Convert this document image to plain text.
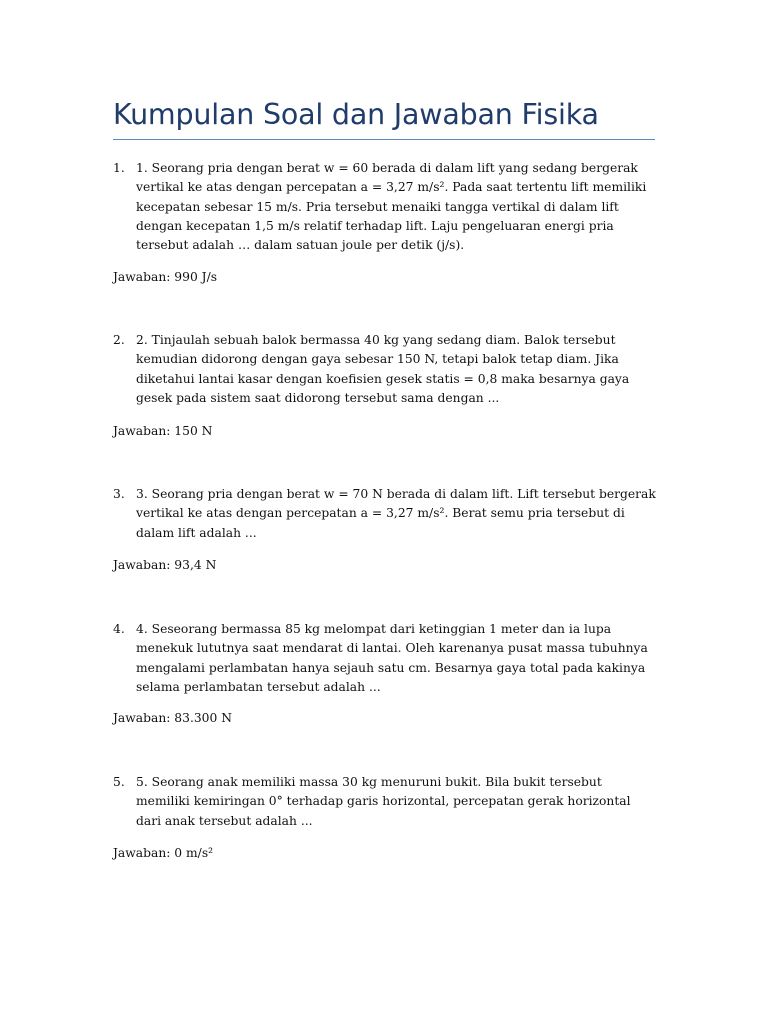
Kumpulan Soal dan Jawaban Fisika
1. 1. Seorang pria dengan berat w = 60 berada di dalam lift yang sedang bergerak vertikal ke atas dengan percepatan a = 3,27 m/s². Pada saat tertentu lift memiliki kecepatan sebesar 15 m/s. Pria tersebut menaiki tangga vertikal di dalam lift dengan kecepatan 1,5 m/s relatif terhadap lift. Laju pengeluaran energi pria tersebut adalah … dalam satuan joule per detik (j/s).
Jawaban: 990 J/s
2. 2. Tinjaulah sebuah balok bermassa 40 kg yang sedang diam. Balok tersebut kemudian didorong dengan gaya sebesar 150 N, tetapi balok tetap diam. Jika diketahui lantai kasar dengan koefisien gesek statis = 0,8 maka besarnya gaya gesek pada sistem saat didorong tersebut sama dengan ...
Jawaban: 150 N
3. 3. Seorang pria dengan berat w = 70 N berada di dalam lift. Lift tersebut bergerak vertikal ke atas dengan percepatan a = 3,27 m/s². Berat semu pria tersebut di dalam lift adalah ...
Jawaban: 93,4 N
4. 4. Seseorang bermassa 85 kg melompat dari ketinggian 1 meter dan ia lupa menekuk lututnya saat mendarat di lantai. Oleh karenanya pusat massa tubuhnya mengalami perlambatan hanya sejauh satu cm. Besarnya gaya total pada kakinya selama perlambatan tersebut adalah ...
Jawaban: 83.300 N
5. 5. Seorang anak memiliki massa 30 kg menuruni bukit. Bila bukit tersebut memiliki kemiringan 0° terhadap garis horizontal, percepatan gerak horizontal dari anak tersebut adalah ...
Jawaban: 0 m/s²
